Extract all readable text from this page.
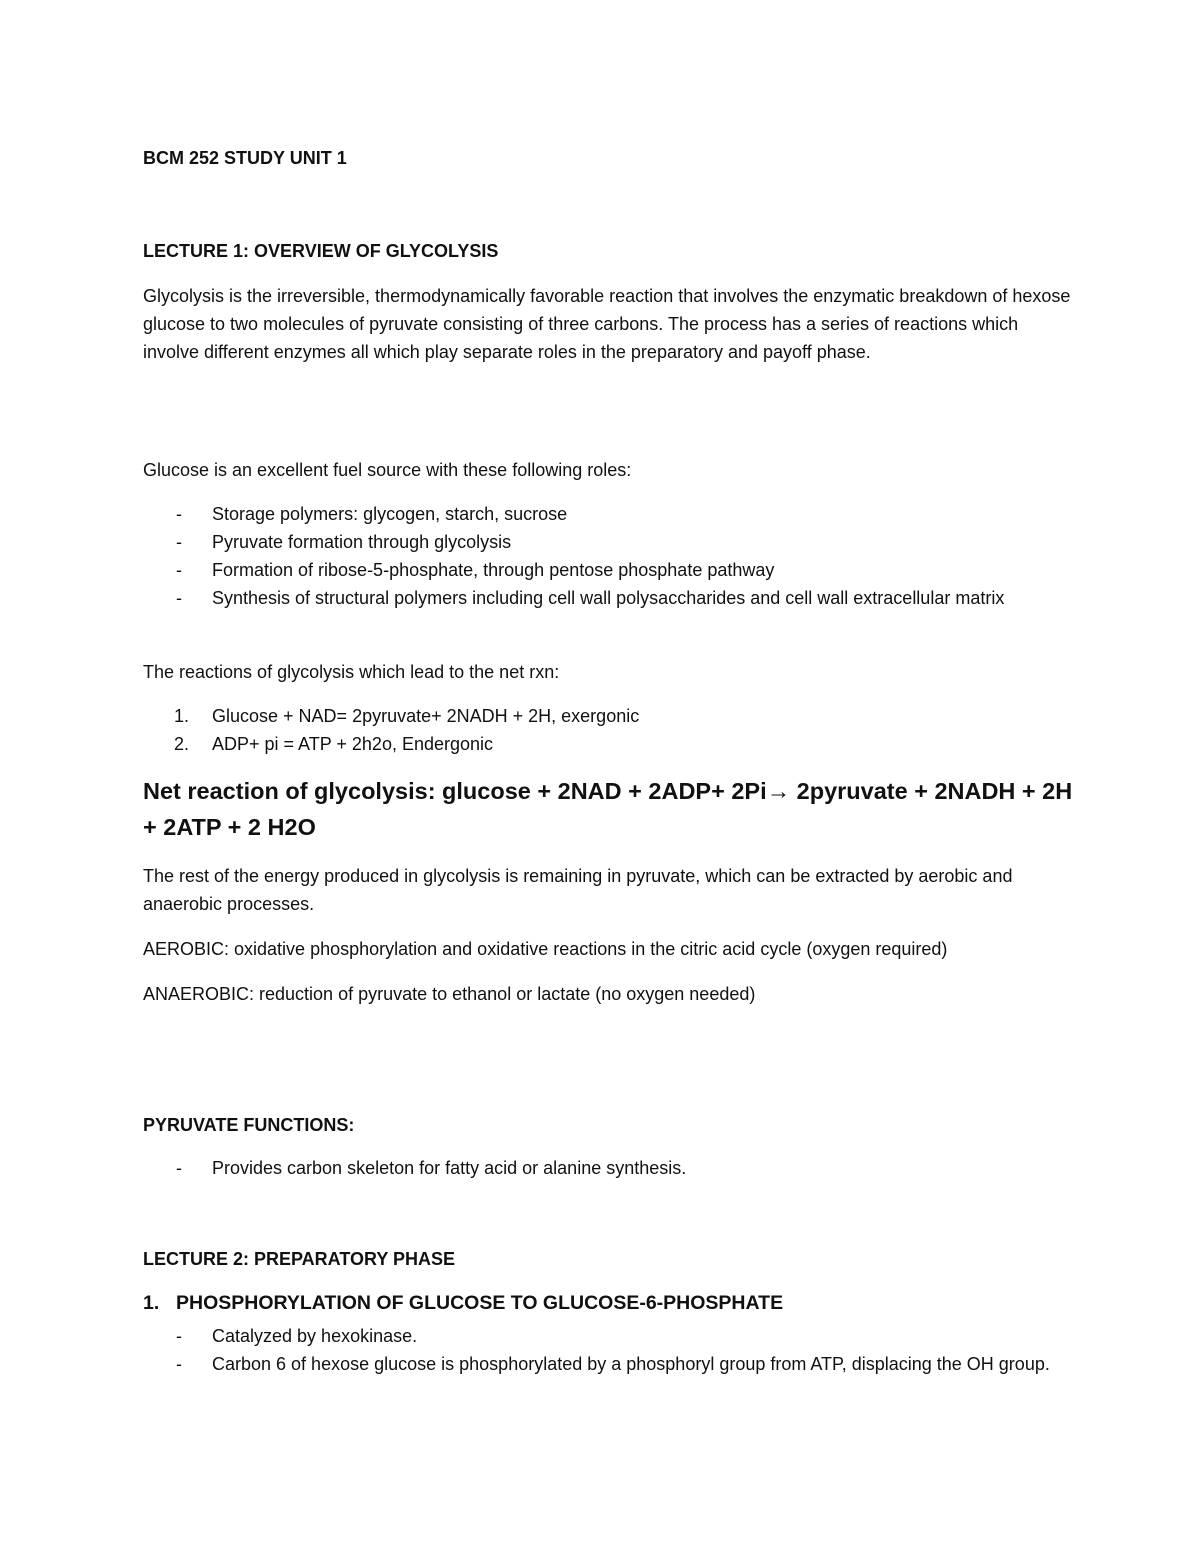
BCM 252 STUDY UNIT 1
LECTURE 1: OVERVIEW OF GLYCOLYSIS

Glycolysis is the irreversible, thermodynamically favorable reaction that involves the enzymatic breakdown of hexose glucose to two molecules of pyruvate consisting of three carbons. The process has a series of reactions which involve different enzymes all which play separate roles in the preparatory and payoff phase.

Glucose is an excellent fuel source with these following roles:
- Storage polymers: glycogen, starch, sucrose
- Pyruvate formation through glycolysis
- Formation of ribose-5-phosphate, through pentose phosphate pathway
- Synthesis of structural polymers including cell wall polysaccharides and cell wall extracellular matrix
The reactions of glycolysis which lead to the net rxn:
1. Glucose + NAD= 2pyruvate+ 2NADH + 2H, exergonic
2. ADP+ pi = ATP + 2h2o, Endergonic
Net reaction of glycolysis: glucose + 2NAD + 2ADP+ 2Pi→ 2pyruvate + 2NADH + 2H + 2ATP + 2 H2O

The rest of the energy produced in glycolysis is remaining in pyruvate, which can be extracted by aerobic and anaerobic processes.

AEROBIC: oxidative phosphorylation and oxidative reactions in the citric acid cycle (oxygen required)
ANAEROBIC: reduction of pyruvate to ethanol or lactate (no oxygen needed)
PYRUVATE FUNCTIONS:
- Provides carbon skeleton for fatty acid or alanine synthesis.
LECTURE 2: PREPARATORY PHASE
1. PHOSPHORYLATION OF GLUCOSE TO GLUCOSE-6-PHOSPHATE
- Catalyzed by hexokinase.
- Carbon 6 of hexose glucose is phosphorylated by a phosphoryl group from ATP, displacing the OH group.
